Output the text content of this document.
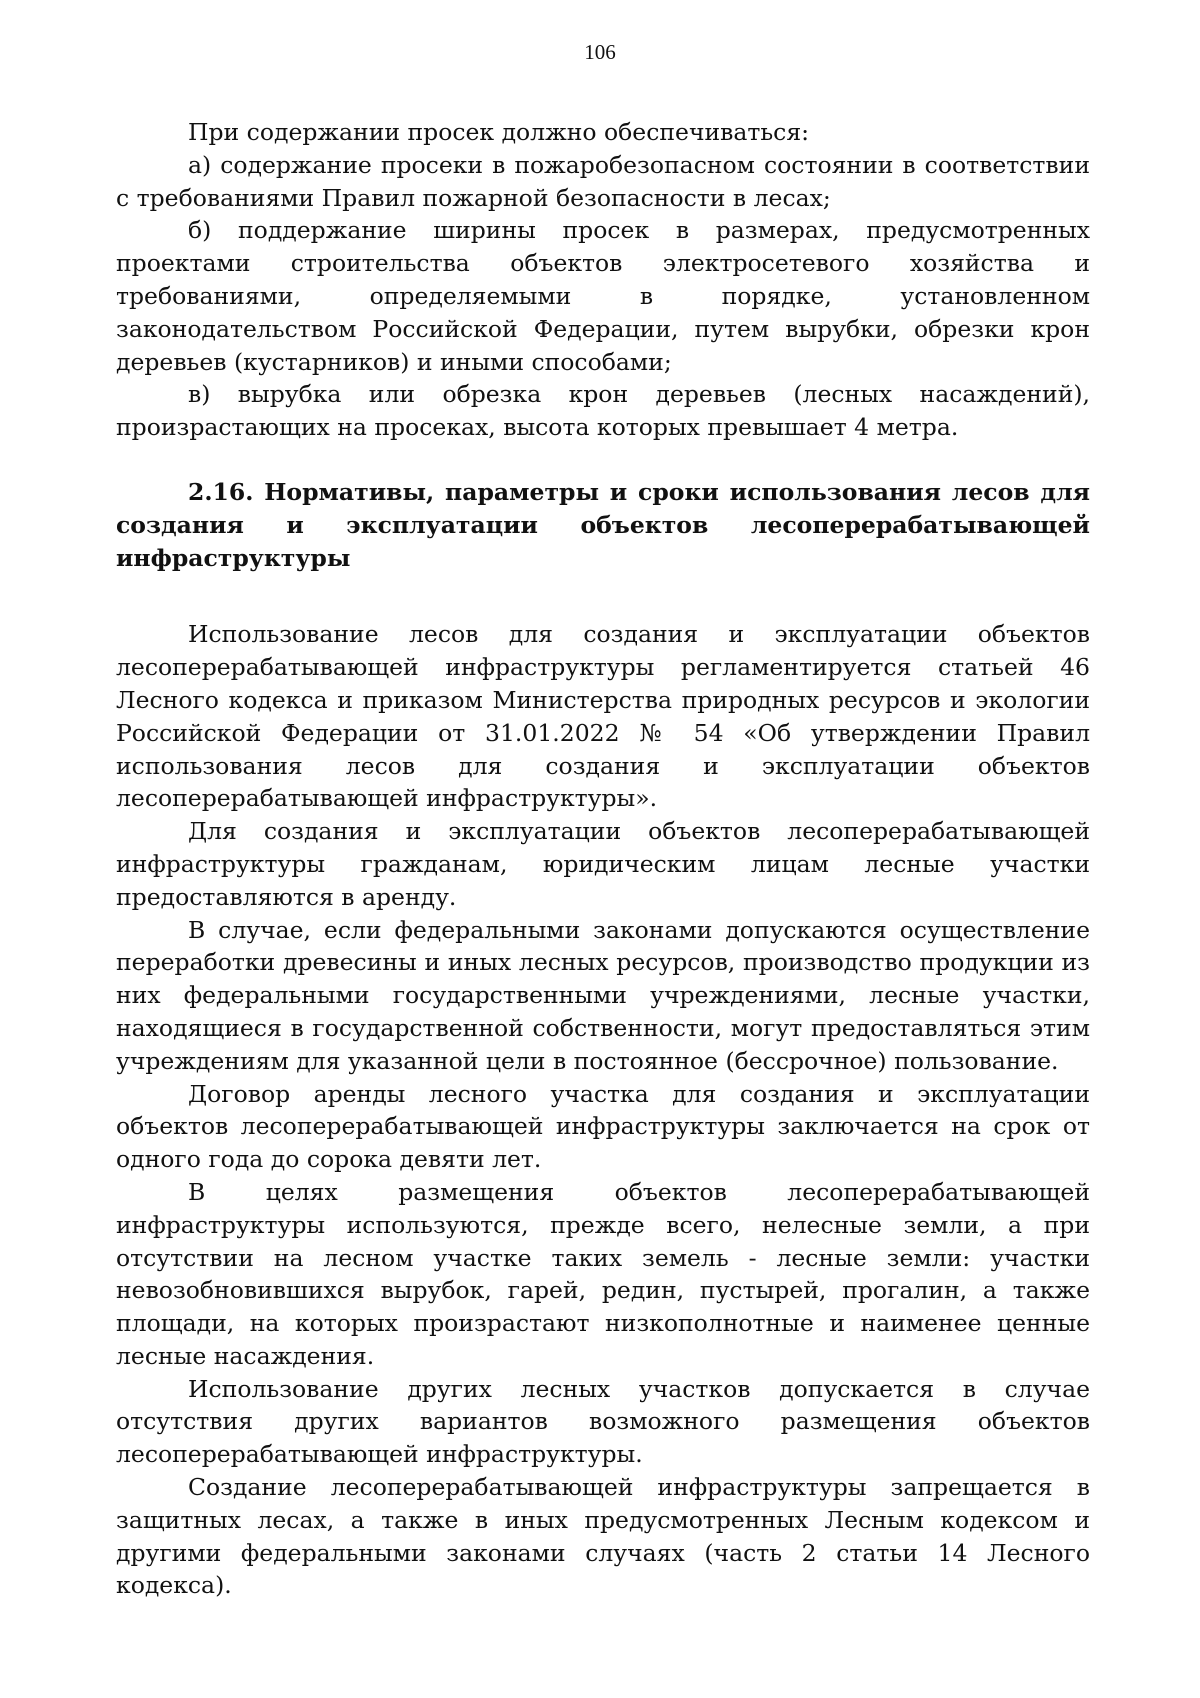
106

При содержании просек должно обеспечиваться:

а) содержание просеки в пожаробезопасном состоянии в соответствии с требованиями Правил пожарной безопасности в лесах;

б) поддержание ширины просек в размерах, предусмотренных проектами строительства объектов электросетевого хозяйства и требованиями, определяемыми в порядке, установленном законодательством Российской Федерации, путем вырубки, обрезки крон деревьев (кустарников) и иными способами;

в) вырубка или обрезка крон деревьев (лесных насаждений), произрастающих на просеках, высота которых превышает 4 метра.

2.16. Нормативы, параметры и сроки использования лесов для создания и эксплуатации объектов лесоперерабатывающей инфраструктуры

Использование лесов для создания и эксплуатации объектов лесоперерабатывающей инфраструктуры регламентируется статьей 46 Лесного кодекса и приказом Министерства природных ресурсов и экологии Российской Федерации от 31.01.2022 № 54 «Об утверждении Правил использования лесов для создания и эксплуатации объектов лесоперерабатывающей инфраструктуры».

Для создания и эксплуатации объектов лесоперерабатывающей инфраструктуры гражданам, юридическим лицам лесные участки предоставляются в аренду.

В случае, если федеральными законами допускаются осуществление переработки древесины и иных лесных ресурсов, производство продукции из них федеральными государственными учреждениями, лесные участки, находящиеся в государственной собственности, могут предоставляться этим учреждениям для указанной цели в постоянное (бессрочное) пользование.

Договор аренды лесного участка для создания и эксплуатации объектов лесоперерабатывающей инфраструктуры заключается на срок от одного года до сорока девяти лет.

В целях размещения объектов лесоперерабатывающей инфраструктуры используются, прежде всего, нелесные земли, а при отсутствии на лесном участке таких земель - лесные земли: участки невозобновившихся вырубок, гарей, редин, пустырей, прогалин, а также площади, на которых произрастают низкополнотные и наименее ценные лесные насаждения.

Использование других лесных участков допускается в случае отсутствия других вариантов возможного размещения объектов лесоперерабатывающей инфраструктуры.

Создание лесоперерабатывающей инфраструктуры запрещается в защитных лесах, а также в иных предусмотренных Лесным кодексом и другими федеральными законами случаях (часть 2 статьи 14 Лесного кодекса).
